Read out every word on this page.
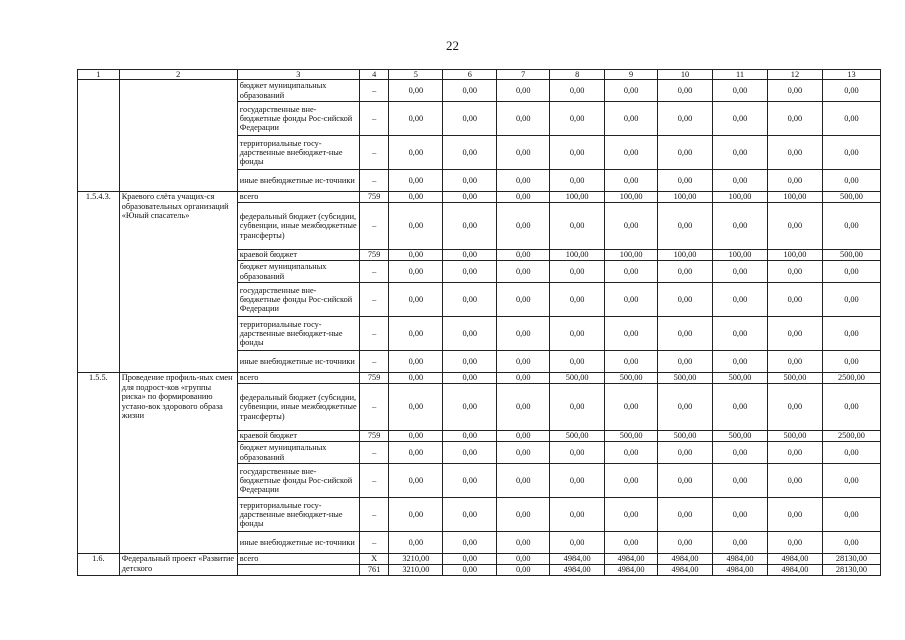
22
1	2	3	4	5	6	7	8	9	10	11	12	13
		бюджет муниципальных образований	–	0,00	0,00	0,00	0,00	0,00	0,00	0,00	0,00	0,00
		государственные вне-бюджетные фонды Рос-сийской Федерации	–	0,00	0,00	0,00	0,00	0,00	0,00	0,00	0,00	0,00
		территориальные госу-дарственные внебюджет-ные фонды	–	0,00	0,00	0,00	0,00	0,00	0,00	0,00	0,00	0,00
		иные внебюджетные ис-точники	–	0,00	0,00	0,00	0,00	0,00	0,00	0,00	0,00	0,00
1.5.4.3.	Краевого слёта учащих-ся образовательных организаций «Юный спасатель»	всего	759	0,00	0,00	0,00	100,00	100,00	100,00	100,00	100,00	500,00
		федеральный бюджет (субсидии, субвенции, иные межбюджетные трансферты)	–	0,00	0,00	0,00	0,00	0,00	0,00	0,00	0,00	0,00
		краевой бюджет	759	0,00	0,00	0,00	100,00	100,00	100,00	100,00	100,00	500,00
		бюджет муниципальных образований	–	0,00	0,00	0,00	0,00	0,00	0,00	0,00	0,00	0,00
		государственные вне-бюджетные фонды Рос-сийской Федерации	–	0,00	0,00	0,00	0,00	0,00	0,00	0,00	0,00	0,00
		территориальные госу-дарственные внебюджет-ные фонды	–	0,00	0,00	0,00	0,00	0,00	0,00	0,00	0,00	0,00
		иные внебюджетные ис-точники	–	0,00	0,00	0,00	0,00	0,00	0,00	0,00	0,00	0,00
1.5.5.	Проведение профиль-ных смен для подрост-ков «группы риска» по формированию устано-вок здорового образа жизни	всего	759	0,00	0,00	0,00	500,00	500,00	500,00	500,00	500,00	2500,00
		федеральный бюджет (субсидии, субвенции, иные межбюджетные трансферты)	–	0,00	0,00	0,00	0,00	0,00	0,00	0,00	0,00	0,00
		краевой бюджет	759	0,00	0,00	0,00	500,00	500,00	500,00	500,00	500,00	2500,00
		бюджет муниципальных образований	–	0,00	0,00	0,00	0,00	0,00	0,00	0,00	0,00	0,00
		государственные вне-бюджетные фонды Рос-сийской Федерации	–	0,00	0,00	0,00	0,00	0,00	0,00	0,00	0,00	0,00
		территориальные госу-дарственные внебюджет-ные фонды	–	0,00	0,00	0,00	0,00	0,00	0,00	0,00	0,00	0,00
		иные внебюджетные ис-точники	–	0,00	0,00	0,00	0,00	0,00	0,00	0,00	0,00	0,00
1.6.	Федеральный проект «Развитие детского	всего	Х	3210,00	0,00	0,00	4984,00	4984,00	4984,00	4984,00	4984,00	28130,00
			761	3210,00	0,00	0,00	4984,00	4984,00	4984,00	4984,00	4984,00	28130,00
